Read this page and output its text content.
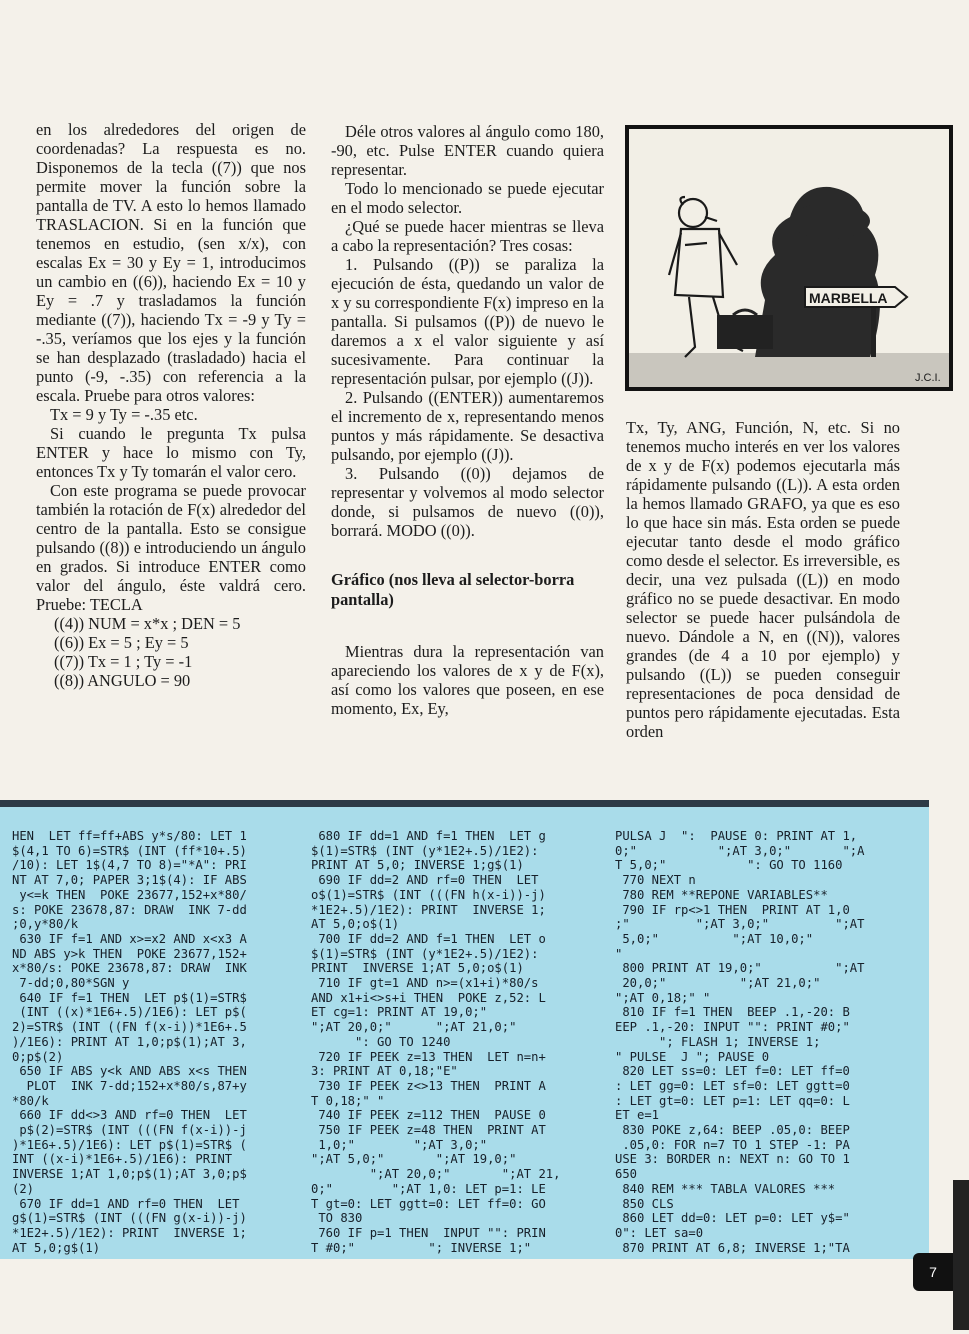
en los alrededores del origen de coordenadas? La respuesta es no. Disponemos de la tecla ((7)) que nos permite mover la función sobre la pantalla de TV. A esto lo hemos llamado TRASLACION. Si en la función que tenemos en estudio, (sen x/x), con escalas Ex = 30 y Ey = 1, introducimos un cambio en ((6)), haciendo Ex = 10 y Ey = .7 y trasladamos la función mediante ((7)), haciendo Tx = -9 y Ty = -.35, veríamos que los ejes y la función se han desplazado (trasladado) hacia el punto (-9, -.35) con referencia a la escala. Pruebe para otros valores:

Tx = 9 y Ty = -.35 etc.

Si cuando le pregunta Tx pulsa ENTER y hace lo mismo con Ty, entonces Tx y Ty tomarán el valor cero.

Con este programa se puede provocar también la rotación de F(x) alrededor del centro de la pantalla. Esto se consigue pulsando ((8)) e introduciendo un ángulo en grados. Si introduce ENTER como valor del ángulo, éste valdrá cero. Pruebe: TECLA

((4)) NUM = x*x ; DEN = 5

((6)) Ex = 5 ; Ey = 5

((7)) Tx = 1 ; Ty = -1

((8)) ANGULO = 90

Déle otros valores al ángulo como 180, -90, etc. Pulse ENTER cuando quiera representar.

Todo lo mencionado se puede ejecutar en el modo selector.

¿Qué se puede hacer mientras se lleva a cabo la representación? Tres cosas:

1. Pulsando ((P)) se paraliza la ejecución de ésta, quedando un valor de x y su correspondiente F(x) impreso en la pantalla. Si pulsamos ((P)) de nuevo le daremos a x el valor siguiente y así sucesivamente. Para continuar la representación pulsar, por ejemplo ((J)).

2. Pulsando ((ENTER)) aumentaremos el incremento de x, representando menos puntos y más rápidamente. Se desactiva pulsando, por ejemplo ((J)).

3. Pulsando ((0)) dejamos de representar y volvemos al modo selector donde, si pulsamos de nuevo ((0)), borrará. MODO ((0)).

Gráfico (nos lleva al selector-borra pantalla)

Mientras dura la representación van apareciendo los valores de x y de F(x), así como los valores que poseen, en ese momento, Ex, Ey,

MARBELLA
J.C.I.

Tx, Ty, ANG, Función, N, etc. Si no tenemos mucho interés en ver los valores de x y de F(x) podemos ejecutarla más rápidamente pulsando ((L)). A esta orden la hemos llamado GRAFO, ya que es eso lo que hace sin más. Esta orden se puede ejecutar tanto desde el modo gráfico como desde el selector. Es irreversible, es decir, una vez pulsada ((L)) en modo gráfico no se puede desactivar. En modo selector se puede hacer pulsándola de nuevo. Dándole a N, en ((N)), valores grandes (de 4 a 10 por ejemplo) y pulsando ((L)) se pueden conseguir representaciones de poca densidad de puntos pero rápidamente ejecutadas. Esta orden

HEN  LET ff=ff+ABS y*s/80: LET 1
$(4,1 TO 6)=STR$ (INT (ff*10+.5)
/10): LET 1$(4,7 TO 8)="*A": PRI
NT AT 7,0; PAPER 3;1$(4): IF ABS
y<=k THEN  POKE 23677,152+x*80/
s: POKE 23678,87: DRAW  INK 7-dd
;0,y*80/k
630 IF f=1 AND x>=x2 AND x<x3 A
ND ABS y>k THEN  POKE 23677,152+
x*80/s: POKE 23678,87: DRAW  INK
7-dd;0,80*SGN y
640 IF f=1 THEN  LET p$(1)=STR$
(INT ((x)*1E6+.5)/1E6): LET p$(
2)=STR$ (INT ((FN f(x-i))*1E6+.5
)/1E6): PRINT AT 1,0;p$(1);AT 3,
0;p$(2)
650 IF ABS y<k AND ABS x<s THEN
PLOT  INK 7-dd;152+x*80/s,87+y
*80/k
660 IF dd<>3 AND rf=0 THEN  LET
p$(2)=STR$ (INT (((FN f(x-i))-j
)*1E6+.5)/1E6): LET p$(1)=STR$ (
INT ((x-i)*1E6+.5)/1E6): PRINT
INVERSE 1;AT 1,0;p$(1);AT 3,0;p$
(2)
670 IF dd=1 AND rf=0 THEN  LET
g$(1)=STR$ (INT (((FN g(x-i))-j)
*1E2+.5)/1E2): PRINT  INVERSE 1;
AT 5,0;g$(1)
680 IF dd=1 AND f=1 THEN  LET g
$(1)=STR$ (INT (y*1E2+.5)/1E2):
PRINT AT 5,0; INVERSE 1;g$(1)
690 IF dd=2 AND rf=0 THEN  LET
o$(1)=STR$ (INT (((FN h(x-i))-j)
*1E2+.5)/1E2): PRINT  INVERSE 1;
AT 5,0;o$(1)
700 IF dd=2 AND f=1 THEN  LET o
$(1)=STR$ (INT (y*1E2+.5)/1E2):
PRINT  INVERSE 1;AT 5,0;o$(1)
710 IF gt=1 AND n>=(x1+i)*80/s
AND x1+i<>s+i THEN  POKE z,52: L
ET cg=1: PRINT AT 19,0;"
";AT 20,0;"      ";AT 21,0;"
": GO TO 1240
720 IF PEEK z=13 THEN  LET n=n+
3: PRINT AT 0,18;"E"
730 IF PEEK z<>13 THEN  PRINT A
T 0,18;" "
740 IF PEEK z=112 THEN  PAUSE 0
750 IF PEEK z=48 THEN  PRINT AT
1,0;"        ";AT 3,0;"
";AT 5,0;"       ";AT 19,0;"
";AT 20,0;"       ";AT 21,
0;"        ";AT 1,0: LET p=1: LE
T gt=0: LET ggtt=0: LET ff=0: GO
TO 830
760 IF p=1 THEN  INPUT "": PRIN
T #0;"          "; INVERSE 1;"
PULSA J  ":  PAUSE 0: PRINT AT 1,
0;"           ";AT 3,0;"       ";A
T 5,0;"           ": GO TO 1160
770 NEXT n
780 REM **REPONE VARIABLES**
790 IF rp<>1 THEN  PRINT AT 1,0
;"         ";AT 3,0;"         ";AT
5,0;"          ";AT 10,0;"
"
800 PRINT AT 19,0;"          ";AT
20,0;"          ";AT 21,0;"
";AT 0,18;" "
810 IF f=1 THEN  BEEP .1,-20: B
EEP .1,-20: INPUT "": PRINT #0;"
"; FLASH 1; INVERSE 1;
" PULSE  J "; PAUSE 0
820 LET ss=0: LET f=0: LET ff=0
: LET gg=0: LET sf=0: LET ggtt=0
: LET gt=0: LET p=1: LET qq=0: L
ET e=1
830 POKE z,64: BEEP .05,0: BEEP
.05,0: FOR n=7 TO 1 STEP -1: PA
USE 3: BORDER n: NEXT n: GO TO 1
650
840 REM *** TABLA VALORES ***
850 CLS
860 LET dd=0: LET p=0: LET y$="
0": LET sa=0
870 PRINT AT 6,8; INVERSE 1;"TA
7
